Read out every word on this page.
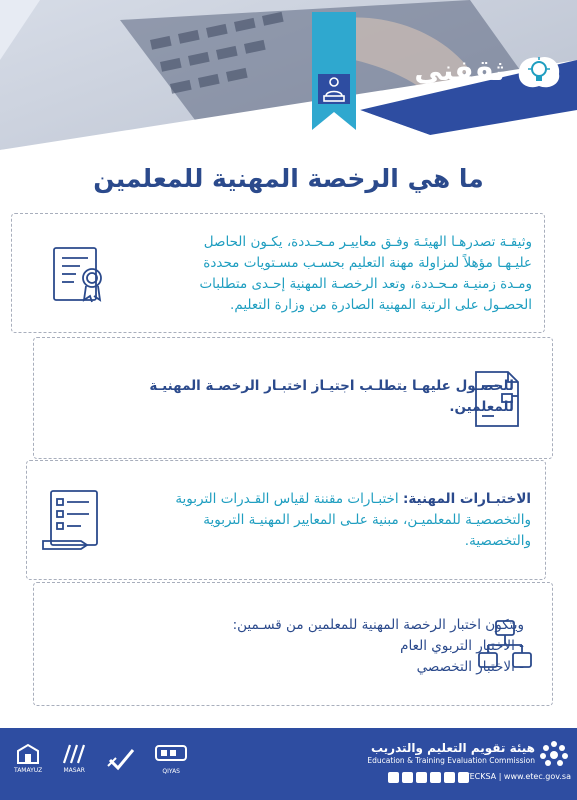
ثقفني
ما هي الرخصة المهنية للمعلمين
وثيقـة تصدرهـا الهيئـة وفـق معاييـر مـحـددة، يكـون الحاصل
عليـهـا مؤهلاً لمزاولة مهنة التعليم بحسـب مسـتويات محددة
ومـدة زمنيـة مـحـددة، وتعد الرخصـة المهنية إحـدى متطلبات
الحصـول على الرتبة المهنية الصادرة من وزارة التعليم.
للحصـول عليهـا يتطلـب اجتيـاز اختبـار الرخصـة المهنيـة
للمعلمين.
الاختبـارات المهنية: اختبـارات مقننة لقياس القـدرات التربوية
والتخصصيـة للمعلميـن، مبنية علـى المعايير المهنيـة التربوية
والتخصصية.
ويتكون اختبار الرخصة المهنية للمعلمين من قسـمين:
- الاختبار التربوي العام
- الاختبار التخصصي
هيئة تقويم التعليم والتدريب
Education & Training Evaluation Commission
ETECKSA | www.etec.gov.sa
TAMAYUZ	MASAR	QIYAS
